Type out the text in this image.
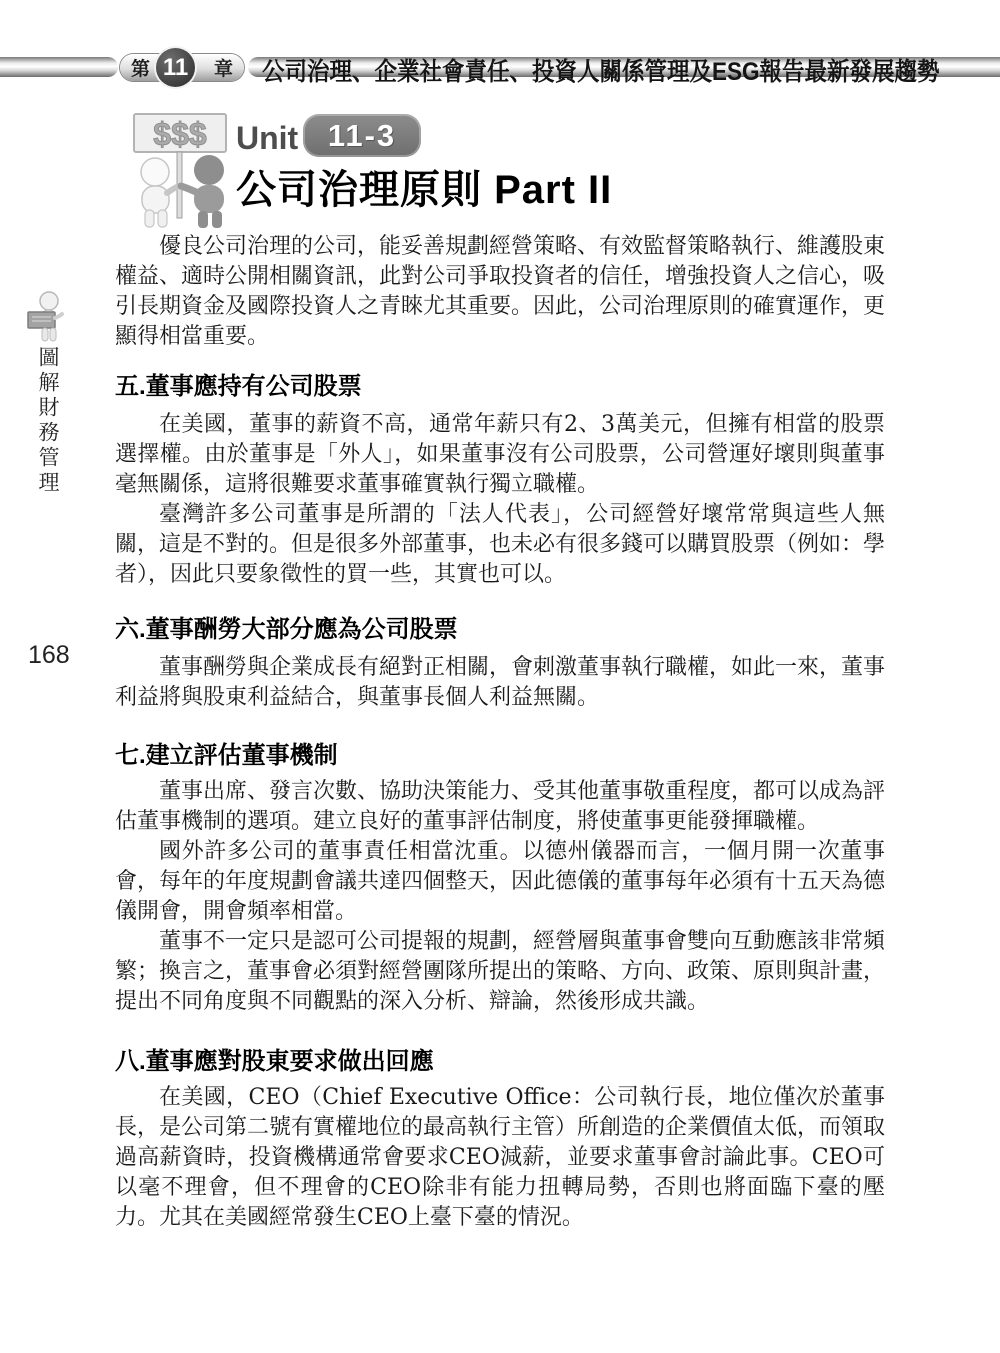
第	章
11	公司治理、企業社會責任、投資人關係管理及ESG報告最新發展趨勢
$$$ Unit 11-3
公司治理原則 Part II

優良公司治理的公司，能妥善規劃經營策略、有效監督策略執行、維護股東權益、適時公開相關資訊，此對公司爭取投資者的信任，增強投資人之信心，吸引長期資金及國際投資人之青睞尤其重要。因此，公司治理原則的確實運作，更顯得相當重要。

五.董事應持有公司股票

在美國，董事的薪資不高，通常年薪只有2、3萬美元，但擁有相當的股票選擇權。由於董事是「外人」，如果董事沒有公司股票，公司營運好壞則與董事毫無關係，這將很難要求董事確實執行獨立職權。

臺灣許多公司董事是所謂的「法人代表」，公司經營好壞常常與這些人無關，這是不對的。但是很多外部董事，也未必有很多錢可以購買股票（例如：學者），因此只要象徵性的買一些，其實也可以。

六.董事酬勞大部分應為公司股票

董事酬勞與企業成長有絕對正相關，會刺激董事執行職權，如此一來，董事利益將與股東利益結合，與董事長個人利益無關。

七.建立評估董事機制

董事出席、發言次數、協助決策能力、受其他董事敬重程度，都可以成為評估董事機制的選項。建立良好的董事評估制度，將使董事更能發揮職權。

國外許多公司的董事責任相當沈重。以德州儀器而言，一個月開一次董事會，每年的年度規劃會議共達四個整天，因此德儀的董事每年必須有十五天為德儀開會，開會頻率相當。

董事不一定只是認可公司提報的規劃，經營層與董事會雙向互動應該非常頻繁；換言之，董事會必須對經營團隊所提出的策略、方向、政策、原則與計畫，提出不同角度與不同觀點的深入分析、辯論，然後形成共識。

八.董事應對股東要求做出回應

在美國，CEO（Chief Executive Office：公司執行長，地位僅次於董事長，是公司第二號有實權地位的最高執行主管）所創造的企業價值太低，而領取過高薪資時，投資機構通常會要求CEO減薪，並要求董事會討論此事。CEO可以毫不理會，但不理會的CEO除非有能力扭轉局勢，否則也將面臨下臺的壓力。尤其在美國經常發生CEO上臺下臺的情況。

圖解財務管理
168
